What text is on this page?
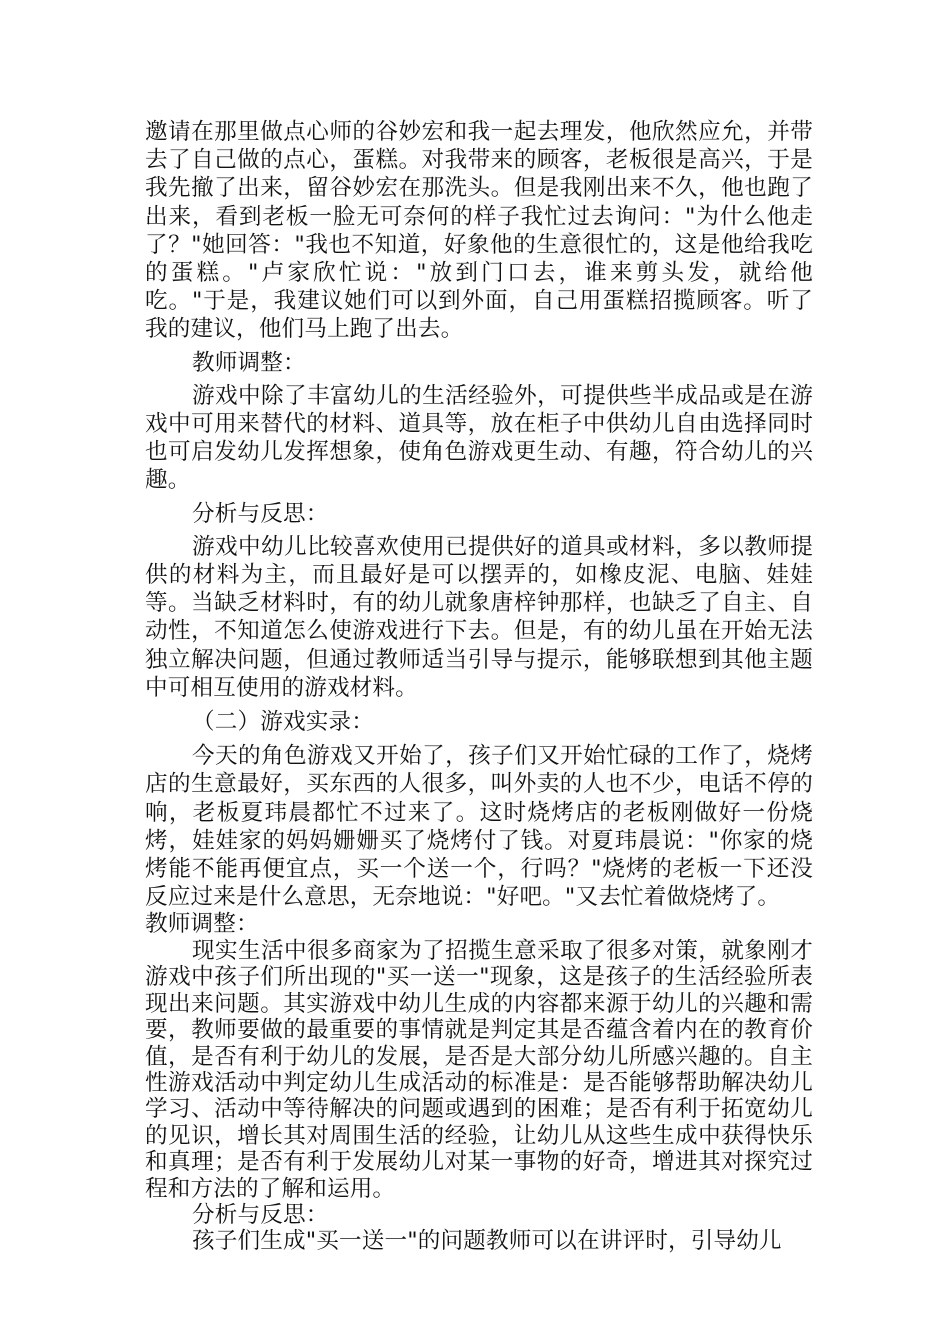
邀请在那里做点心师的谷妙宏和我一起去理发，他欣然应允，并带去了自己做的点心，蛋糕。对我带来的顾客，老板很是高兴，于是我先撤了出来，留谷妙宏在那洗头。但是我刚出来不久，他也跑了出来，看到老板一脸无可奈何的样子我忙过去询问："为什么他走了？"她回答："我也不知道，好象他的生意很忙的，这是他给我吃的蛋糕。"卢家欣忙说："放到门口去，谁来剪头发，就给他吃。"于是，我建议她们可以到外面，自己用蛋糕招揽顾客。听了我的建议，他们马上跑了出去。

教师调整：

游戏中除了丰富幼儿的生活经验外，可提供些半成品或是在游戏中可用来替代的材料、道具等，放在柜子中供幼儿自由选择同时也可启发幼儿发挥想象，使角色游戏更生动、有趣，符合幼儿的兴趣。

分析与反思：

游戏中幼儿比较喜欢使用已提供好的道具或材料，多以教师提供的材料为主，而且最好是可以摆弄的，如橡皮泥、电脑、娃娃等。当缺乏材料时，有的幼儿就象唐梓钟那样，也缺乏了自主、自动性，不知道怎么使游戏进行下去。但是，有的幼儿虽在开始无法独立解决问题，但通过教师适当引导与提示，能够联想到其他主题中可相互使用的游戏材料。

（二）游戏实录：

今天的角色游戏又开始了，孩子们又开始忙碌的工作了，烧烤店的生意最好，买东西的人很多，叫外卖的人也不少，电话不停的响，老板夏玮晨都忙不过来了。这时烧烤店的老板刚做好一份烧烤，娃娃家的妈妈姗姗买了烧烤付了钱。对夏玮晨说："你家的烧烤能不能再便宜点，买一个送一个，行吗？"烧烤的老板一下还没反应过来是什么意思，无奈地说："好吧。"又去忙着做烧烤了。

教师调整：

现实生活中很多商家为了招揽生意采取了很多对策，就象刚才游戏中孩子们所出现的"买一送一"现象，这是孩子的生活经验所表现出来问题。其实游戏中幼儿生成的内容都来源于幼儿的兴趣和需要，教师要做的最重要的事情就是判定其是否蕴含着内在的教育价值，是否有利于幼儿的发展，是否是大部分幼儿所感兴趣的。自主性游戏活动中判定幼儿生成活动的标准是：是否能够帮助解决幼儿学习、活动中等待解决的问题或遇到的困难；是否有利于拓宽幼儿的见识，增长其对周围生活的经验，让幼儿从这些生成中获得快乐和真理；是否有利于发展幼儿对某一事物的好奇，增进其对探究过程和方法的了解和运用。

分析与反思：

孩子们生成"买一送一"的问题教师可以在讲评时，引导幼儿
